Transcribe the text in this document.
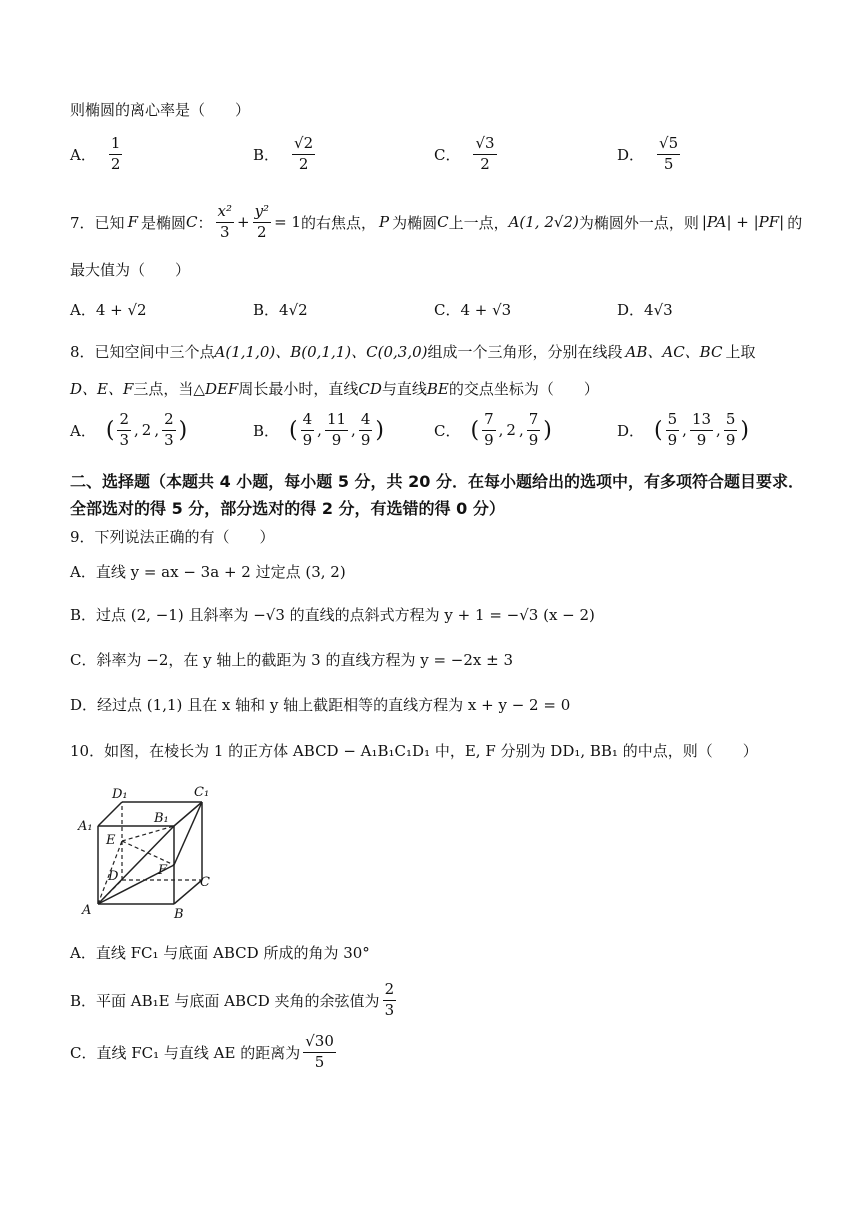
则椭圆的离心率是（　　）
A． $\frac{1}{2}$	B． $\frac{√2}{2}$	C． $\frac{√3}{2}$	D． $\frac{√5}{5}$
7． 已知 F 是椭圆 C ： $\frac{\text{x²}}{3} + \frac{\text{y²}}{2} = 1$ 的右焦点， P 为椭圆 C 上一点， A(1, 2√2) 为椭圆外一点，则 |PA| + |PF| 的
最大值为（　　）
A．4 + √2	B．4√2	C．4 + √3	D．4√3
8．已知空间中三个点 A(1,1,0)、B(0,1,1)、C(0,3,0) 组成一个三角形，分别在线段 AB、AC、BC 上取
D、E、F 三点，当 △DEF 周长最小时，直线 CD 与直线 BE 的交点坐标为（　　）
A． ( $\frac{2}{3}$ , 2 , $\frac{2}{3}$ )	B． ( $\frac{4}{9}$ , $\frac{11}{9}$ , $\frac{4}{9}$ )	C． ( $\frac{7}{9}$ , 2 , $\frac{7}{9}$ )	D． ( $\frac{5}{9}$ , $\frac{13}{9}$ , $\frac{5}{9}$ )
二、选择题（本题共 4 小题，每小题 5 分，共 20 分．在每小题给出的选项中，有多项符合题目要求．全部选对的得 5 分，部分选对的得 2 分，有选错的得 0 分）
9．下列说法正确的有（　　）
A．直线 y = ax − 3a + 2 过定点 (3, 2)
B．过点 (2, −1) 且斜率为 −√3 的直线的点斜式方程为 y + 1 = −√3 (x − 2)
C．斜率为 −2，在 y 轴上的截距为 3 的直线方程为 y = −2x ± 3
D．经过点 (1,1) 且在 x 轴和 y 轴上截距相等的直线方程为 x + y − 2 = 0
10．如图，在棱长为 1 的正方体 ABCD − A₁B₁C₁D₁ 中，E, F 分别为 DD₁, BB₁ 的中点，则（　　）
D₁	C₁
A₁
B₁
E
D	F
C
A	B
A．直线 FC₁ 与底面 ABCD 所成的角为 30°
B．平面 AB₁E 与底面 ABCD 夹角的余弦值为 $\frac{2}{3}$
C．直线 FC₁ 与直线 AE 的距离为 $\frac{√30}{5}$
